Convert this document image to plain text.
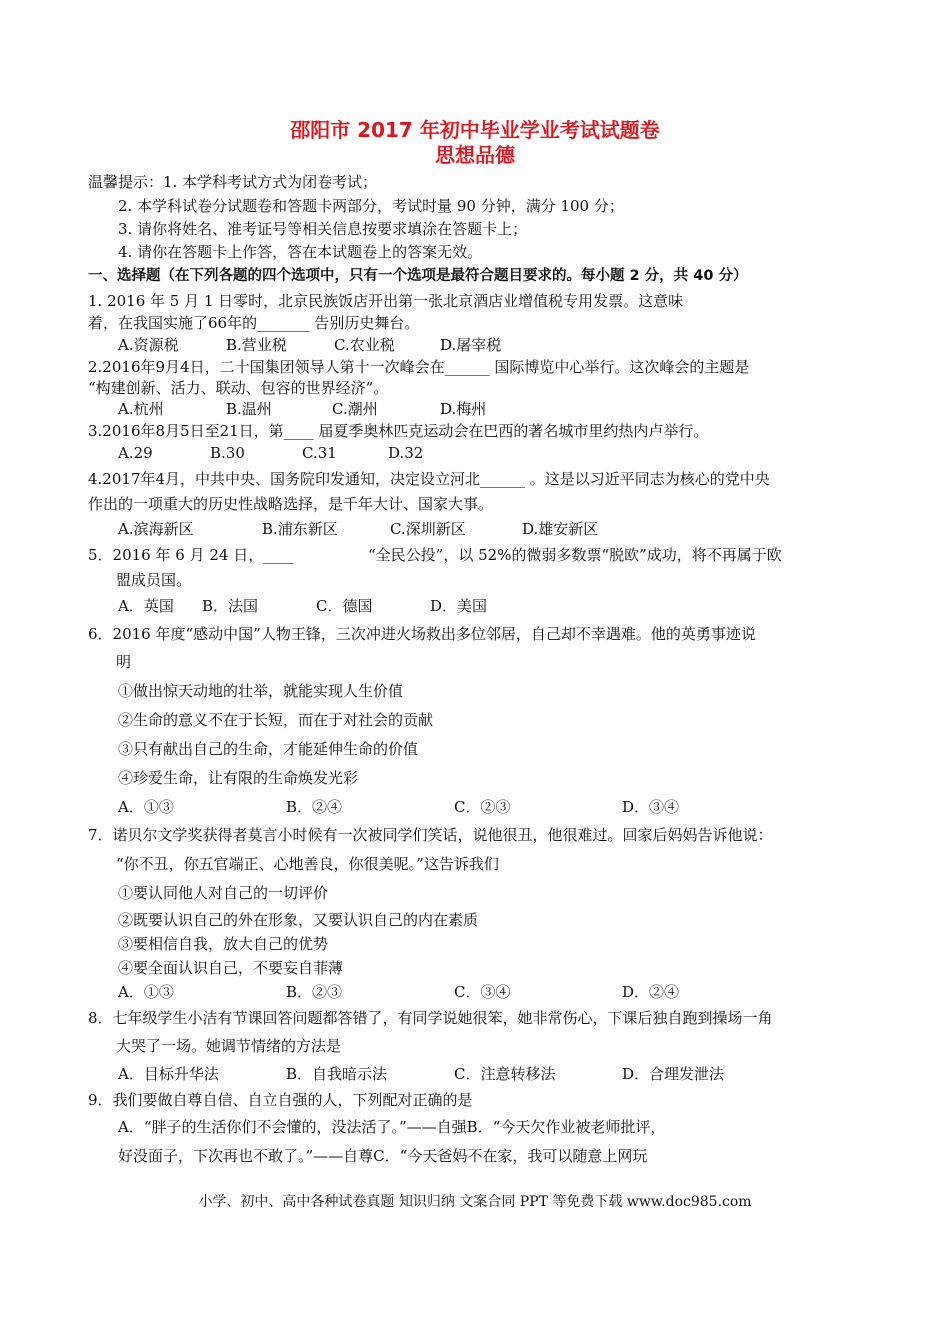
邵阳市 2017 年初中毕业学业考试试题卷
思想品德
温馨提示：1. 本学科考试方式为闭卷考试；
2. 本学科试卷分试题卷和答题卡两部分，考试时量 90 分钟，满分 100 分；
3. 请你将姓名、准考证号等相关信息按要求填涂在答题卡上；
4. 请你在答题卡上作答，答在本试题卷上的答案无效。
一、选择题（在下列各题的四个选项中，只有一个选项是最符合题目要求的。每小题 2 分，共 40 分）
1. 2016 年 5 月 1 日零时，北京民族饭店开出第一张北京酒店业增值税专用发票。这意味
着，在我国实施了66年的_______ 告别历史舞台。
A.资源税	B.营业税	C.农业税	D.屠宰税
2.2016年9月4日，二十国集团领导人第十一次峰会在______ 国际博览中心举行。这次峰会的主题是
“构建创新、活力、联动、包容的世界经济”。
A.杭州	B.温州	C.潮州	D.梅州
3.2016年8月5日至21日，第____ 届夏季奥林匹克运动会在巴西的著名城市里约热内卢举行。
A.29	B.30	C.31	D.32
4.2017年4月，中共中央、国务院印发通知，决定设立河北______ 。这是以习近平同志为核心的党中央
作出的一项重大的历史性战略选择，是千年大计、国家大事。
A.滨海新区	B.浦东新区	C.深圳新区	D.雄安新区
5．2016 年 6 月 24 日，____	“全民公投”，以 52%的微弱多数票“脱欧”成功，将不再属于欧
盟成员国。
A．英国 B．法国	C．德国	D．美国
6．2016 年度“感动中国”人物王锋，三次冲进火场救出多位邻居，自己却不幸遇难。他的英勇事迹说
明
①做出惊天动地的壮举，就能实现人生价值
②生命的意义不在于长短，而在于对社会的贡献
③只有献出自己的生命，才能延伸生命的价值
④珍爱生命，让有限的生命焕发光彩
A．①③	B．②④	C．②③	D．③④
7．诺贝尔文学奖获得者莫言小时候有一次被同学们笑话，说他很丑，他很难过。回家后妈妈告诉他说：
“你不丑，你五官端正、心地善良，你很美呢。”这告诉我们
①要认同他人对自己的一切评价
②既要认识自己的外在形象，又要认识自己的内在素质
③要相信自我，放大自己的优势
④要全面认识自己，不要妄自菲薄
A．①③	B．②③	C．③④	D．②④
8．七年级学生小洁有节课回答问题都答错了，有同学说她很笨，她非常伤心，下课后独自跑到操场一角
大哭了一场。她调节情绪的方法是
A．目标升华法	B．自我暗示法	C．注意转移法	D．合理发泄法
9．我们要做自尊自信、自立自强的人，下列配对正确的是
A．“胖子的生活你们不会懂的，没法活了。”——自强B．“今天欠作业被老师批评，
好没面子，下次再也不敢了。”——自尊C．“今天爸妈不在家，我可以随意上网玩
小学、初中、高中各种试卷真题 知识归纳 文案合同 PPT 等免费下载 www.doc985.com
